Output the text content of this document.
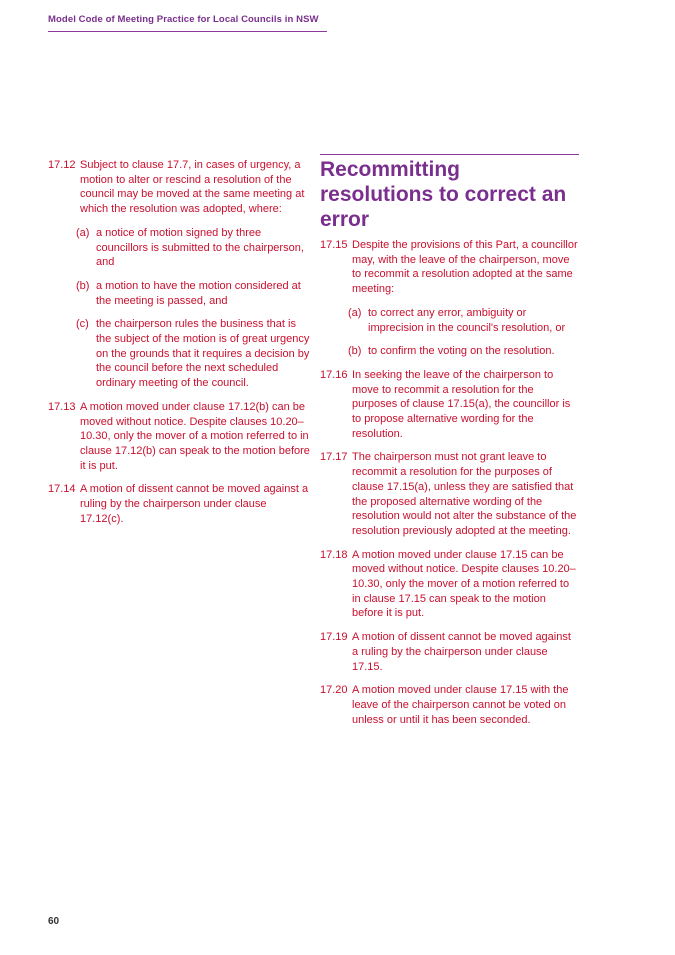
Model Code of Meeting Practice for Local Councils in NSW
17.12 Subject to clause 17.7, in cases of urgency, a motion to alter or rescind a resolution of the council may be moved at the same meeting at which the resolution was adopted, where:
(a) a notice of motion signed by three councillors is submitted to the chairperson, and
(b) a motion to have the motion considered at the meeting is passed, and
(c) the chairperson rules the business that is the subject of the motion is of great urgency on the grounds that it requires a decision by the council before the next scheduled ordinary meeting of the council.
17.13 A motion moved under clause 17.12(b) can be moved without notice. Despite clauses 10.20–10.30, only the mover of a motion referred to in clause 17.12(b) can speak to the motion before it is put.
17.14 A motion of dissent cannot be moved against a ruling by the chairperson under clause 17.12(c).
Recommitting resolutions to correct an error
17.15 Despite the provisions of this Part, a councillor may, with the leave of the chairperson, move to recommit a resolution adopted at the same meeting:
(a) to correct any error, ambiguity or imprecision in the council's resolution, or
(b) to confirm the voting on the resolution.
17.16 In seeking the leave of the chairperson to move to recommit a resolution for the purposes of clause 17.15(a), the councillor is to propose alternative wording for the resolution.
17.17 The chairperson must not grant leave to recommit a resolution for the purposes of clause 17.15(a), unless they are satisfied that the proposed alternative wording of the resolution would not alter the substance of the resolution previously adopted at the meeting.
17.18 A motion moved under clause 17.15 can be moved without notice. Despite clauses 10.20–10.30, only the mover of a motion referred to in clause 17.15 can speak to the motion before it is put.
17.19 A motion of dissent cannot be moved against a ruling by the chairperson under clause 17.15.
17.20 A motion moved under clause 17.15 with the leave of the chairperson cannot be voted on unless or until it has been seconded.
60
